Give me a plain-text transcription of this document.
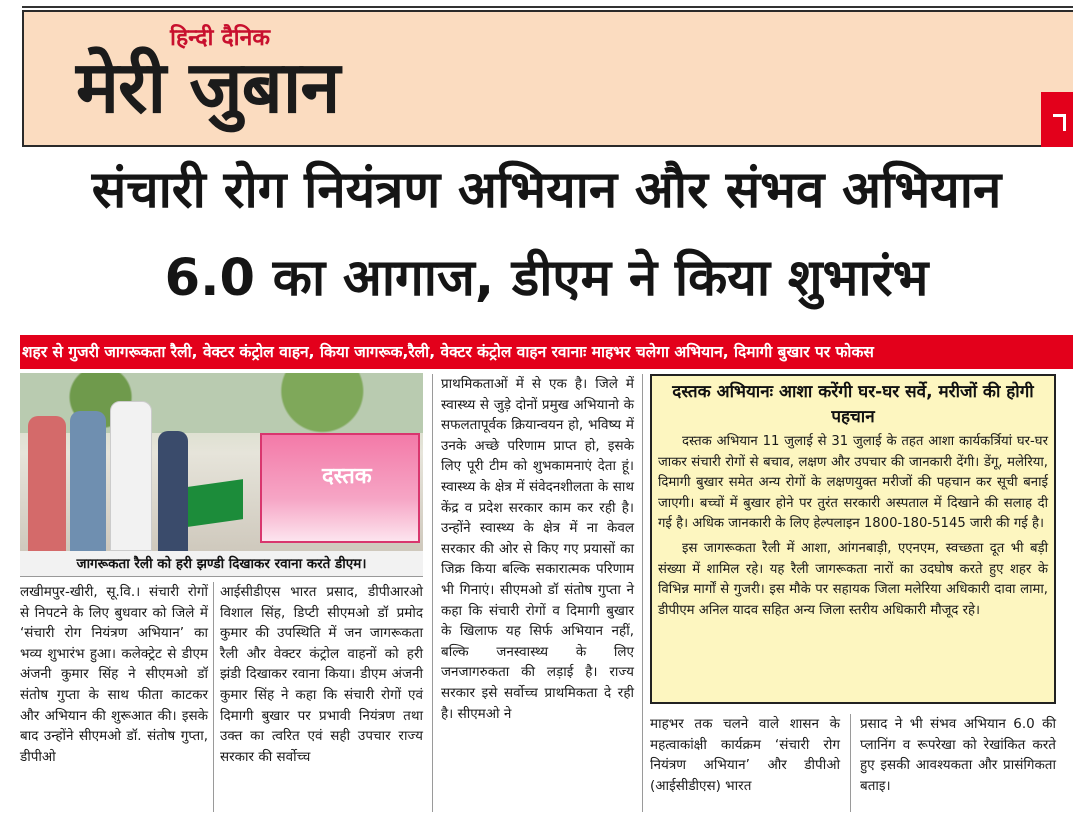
हिन्दी दैनिक
मेरी जुबान
संचारी रोग नियंत्रण अभियान और संभव अभियान
6.0 का आगाज, डीएम ने किया शुभारंभ
शहर से गुजरी जागरूकता रैली, वेक्टर कंट्रोल वाहन, किया जागरूक,रैली, वेक्टर कंट्रोल वाहन रवानाः माहभर चलेगा अभियान, दिमागी बुखार पर फोकस
दस्तक
जागरूकता रैली को हरी झण्डी दिखाकर रवाना करते डीएम।
लखीमपुर-खीरी, सू.वि.। संचारी रोगों से निपटने के लिए बुधवार को जिले में ‘संचारी रोग नियंत्रण अभियान’ का भव्य शुभारंभ हुआ। कलेक्ट्रेट से डीएम अंजनी कुमार सिंह ने सीएमओ डॉ संतोष गुप्ता के साथ फीता काटकर और अभियान की शुरूआत की। इसके बाद उन्होंने सीएमओ डॉ. संतोष गुप्ता, डीपीओ
आईसीडीएस भारत प्रसाद, डीपीआरओ विशाल सिंह, डिप्टी सीएमओ डॉ प्रमोद कुमार की उपस्थिति में जन जागरूकता रैली और वेक्टर कंट्रोल वाहनों को हरी झंडी दिखाकर रवाना किया। डीएम अंजनी कुमार सिंह ने कहा कि संचारी रोगों एवं दिमागी बुखार पर प्रभावी नियंत्रण तथा उक्त का त्वरित एवं सही उपचार राज्य सरकार की सर्वोच्च
प्राथमिकताओं में से एक है। जिले में स्वास्थ्य से जुड़े दोनों प्रमुख अभियानो के सफलतापूर्वक क्रियान्वयन हो, भविष्य में उनके अच्छे परिणाम प्राप्त हो, इसके लिए पूरी टीम को शुभकामनाएं देता हूं। स्वास्थ्य के क्षेत्र में संवेदनशीलता के साथ केंद्र व प्रदेश सरकार काम कर रही है। उन्होंने स्वास्थ्य के क्षेत्र में ना केवल सरकार की ओर से किए गए प्रयासों का जिक्र किया बल्कि सकारात्मक परिणाम भी गिनाएं। सीएमओ डॉ संतोष गुप्ता ने कहा कि संचारी रोगों व दिमागी बुखार के खिलाफ यह सिर्फ अभियान नहीं, बल्कि जनस्वास्थ्य के लिए जनजागरुकता की लड़ाई है। राज्य सरकार इसे सर्वोच्च प्राथमिकता दे रही है। सीएमओ ने
दस्तक अभियानः आशा करेंगी घर-घर सर्वे, मरीजों की होगी पहचान

दस्तक अभियान 11 जुलाई से 31 जुलाई के तहत आशा कार्यकर्त्रियां घर-घर जाकर संचारी रोगों से बचाव, लक्षण और उपचार की जानकारी देंगी। डेंगू, मलेरिया, दिमागी बुखार समेत अन्य रोगों के लक्षणयुक्त मरीजों की पहचान कर सूची बनाई जाएगी। बच्चों में बुखार होने पर तुरंत सरकारी अस्पताल में दिखाने की सलाह दी गई है। अधिक जानकारी के लिए हेल्पलाइन 1800-180-5145 जारी की गई है।

इस जागरूकता रैली में आशा, आंगनबाड़ी, एएनएम, स्वच्छता दूत भी बड़ी संख्या में शामिल रहे। यह रैली जागरूकता नारों का उदघोष करते हुए शहर के विभिन्न मार्गों से गुजरी। इस मौके पर सहायक जिला मलेरिया अधिकारी दावा लामा, डीपीएम अनिल यादव सहित अन्य जिला स्तरीय अधिकारी मौजूद रहे।

माहभर तक चलने वाले शासन के महत्वाकांक्षी कार्यक्रम ‘संचारी रोग नियंत्रण अभियान’ और डीपीओ (आईसीडीएस) भारत
प्रसाद ने भी संभव अभियान 6.0 की प्लानिंग व रूपरेखा को रेखांकित करते हुए इसकी आवश्यकता और प्रासंगिकता बताइ।
